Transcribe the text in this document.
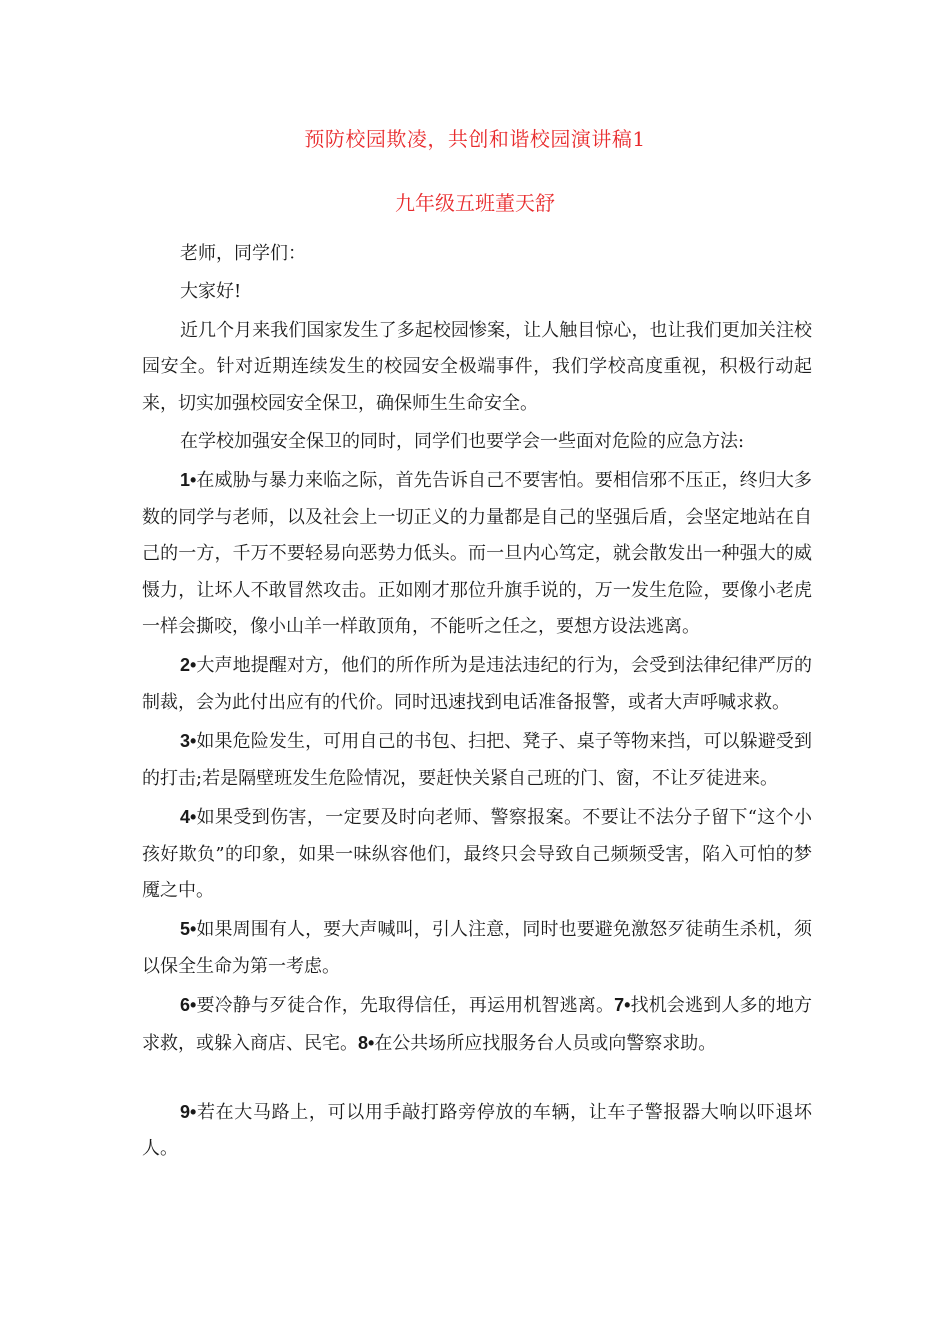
预防校园欺凌，共创和谐校园演讲稿1
九年级五班董天舒

老师，同学们：

大家好!

近几个月来我们国家发生了多起校园惨案，让人触目惊心，也让我们更加关注校园安全。针对近期连续发生的校园安全极端事件，我们学校高度重视，积极行动起来，切实加强校园安全保卫，确保师生生命安全。

在学校加强安全保卫的同时，同学们也要学会一些面对危险的应急方法:

1•在威胁与暴力来临之际，首先告诉自己不要害怕。要相信邪不压正，终归大多数的同学与老师，以及社会上一切正义的力量都是自己的坚强后盾，会坚定地站在自己的一方，千万不要轻易向恶势力低头。而一旦内心笃定，就会散发出一种强大的威慑力，让坏人不敢冒然攻击。正如刚才那位升旗手说的，万一发生危险，要像小老虎一样会撕咬，像小山羊一样敢顶角，不能听之任之，要想方设法逃离。

2•大声地提醒对方，他们的所作所为是违法违纪的行为，会受到法律纪律严厉的制裁，会为此付出应有的代价。同时迅速找到电话准备报警，或者大声呼喊求救。

3•如果危险发生，可用自己的书包、扫把、凳子、桌子等物来挡，可以躲避受到的打击;若是隔壁班发生危险情况，要赶快关紧自己班的门、窗，不让歹徒进来。

4•如果受到伤害，一定要及时向老师、警察报案。不要让不法分子留下“这个小孩好欺负”的印象，如果一味纵容他们，最终只会导致自己频频受害，陷入可怕的梦魇之中。

5•如果周围有人，要大声喊叫，引人注意，同时也要避免激怒歹徒萌生杀机，须以保全生命为第一考虑。

6•要冷静与歹徒合作，先取得信任，再运用机智逃离。7•找机会逃到人多的地方求救，或躲入商店、民宅。8•在公共场所应找服务台人员或向警察求助。

9•若在大马路上，可以用手敲打路旁停放的车辆，让车子警报器大响以吓退坏人。
